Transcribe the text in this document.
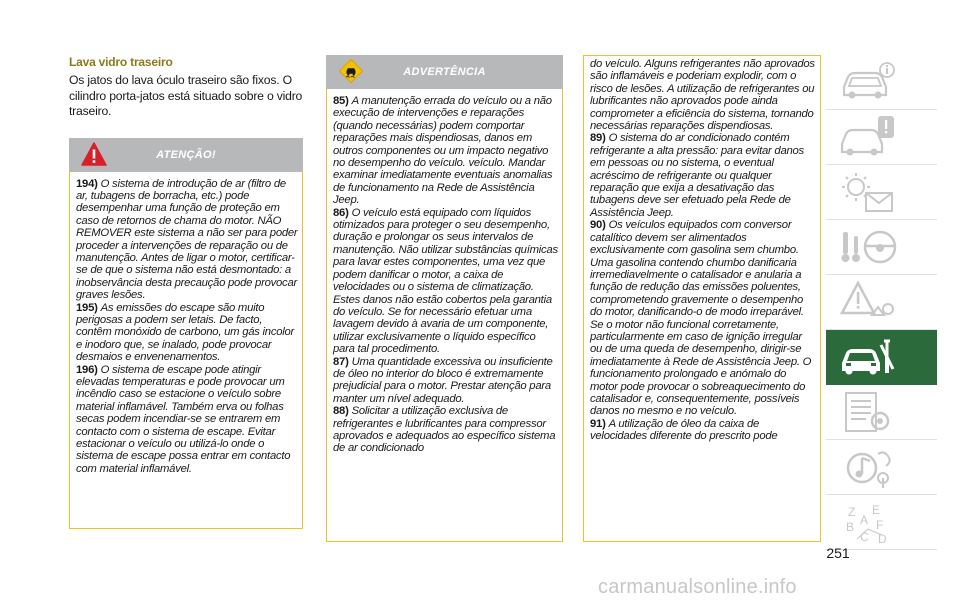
Lava vidro traseiro
Os jatos do lava óculo traseiro são fixos. O cilindro porta-jatos está situado sobre o vidro traseiro.
ATENÇÃO!

194) O sistema de introdução de ar (filtro de ar, tubagens de borracha, etc.) pode desempenhar uma função de proteção em caso de retornos de chama do motor. NÃO REMOVER este sistema a não ser para poder proceder a intervenções de reparação ou de manutenção. Antes de ligar o motor, certificar-se de que o sistema não está desmontado: a inobservância desta precaução pode provocar graves lesões.

195) As emissões do escape são muito perigosas a podem ser letais. De facto, contêm monóxido de carbono, um gás incolor e inodoro que, se inalado, pode provocar desmaios e envenenamentos.

196) O sistema de escape pode atingir elevadas temperaturas e pode provocar um incêndio caso se estacione o veículo sobre material inflamável. Também erva ou folhas secas podem incendiar-se se entrarem em contacto com o sistema de escape. Evitar estacionar o veículo ou utilizá-lo onde o sistema de escape possa entrar em contacto com material inflamável.

ADVERTÊNCIA

85) A manutenção errada do veículo ou a não execução de intervenções e reparações (quando necessárias) podem comportar reparações mais dispendiosas, danos em outros componentes ou um impacto negativo no desempenho do veículo. veículo. Mandar examinar imediatamente eventuais anomalias de funcionamento na Rede de Assistência Jeep.

86) O veículo está equipado com líquidos otimizados para proteger o seu desempenho, duração e prolongar os seus intervalos de manutenção. Não utilizar substâncias químicas para lavar estes componentes, uma vez que podem danificar o motor, a caixa de velocidades ou o sistema de climatização. Estes danos não estão cobertos pela garantia do veículo. Se for necessário efetuar uma lavagem devido à avaria de um componente, utilizar exclusivamente o líquido específico para tal procedimento.

87) Uma quantidade excessiva ou insuficiente de óleo no interior do bloco é extremamente prejudicial para o motor. Prestar atenção para manter um nível adequado.

88) Solicitar a utilização exclusiva de refrigerantes e lubrificantes para compressor aprovados e adequados ao específico sistema de ar condicionado

do veículo. Alguns refrigerantes não aprovados são inflamáveis e poderiam explodir, com o risco de lesões. A utilização de refrigerantes ou lubrificantes não aprovados pode ainda comprometer a eficiência do sistema, tornando necessárias reparações dispendiosas.

89) O sistema do ar condicionado contém refrigerante a alta pressão: para evitar danos em pessoas ou no sistema, o eventual acréscimo de refrigerante ou qualquer reparação que exija a desativação das tubagens deve ser efetuado pela Rede de Assistência Jeep.

90) Os veículos equipados com conversor catalítico devem ser alimentados exclusivamente com gasolina sem chumbo. Uma gasolina contendo chumbo danificaria irremediavelmente o catalisador e anularia a função de redução das emissões poluentes, comprometendo gravemente o desempenho do motor, danificando-o de modo irreparável. Se o motor não funcional corretamente, particularmente em caso de ignição irregular ou de uma queda de desempenho, dirigir-se imediatamente à Rede de Assistência Jeep. O funcionamento prolongado e anómalo do motor pode provocar o sobreaquecimento do catalisador e, consequentemente, possíveis danos no mesmo e no veículo.

91) A utilização de óleo da caixa de velocidades diferente do prescrito pode

Z E
B A F
C D
251
carmanualsonline.info
